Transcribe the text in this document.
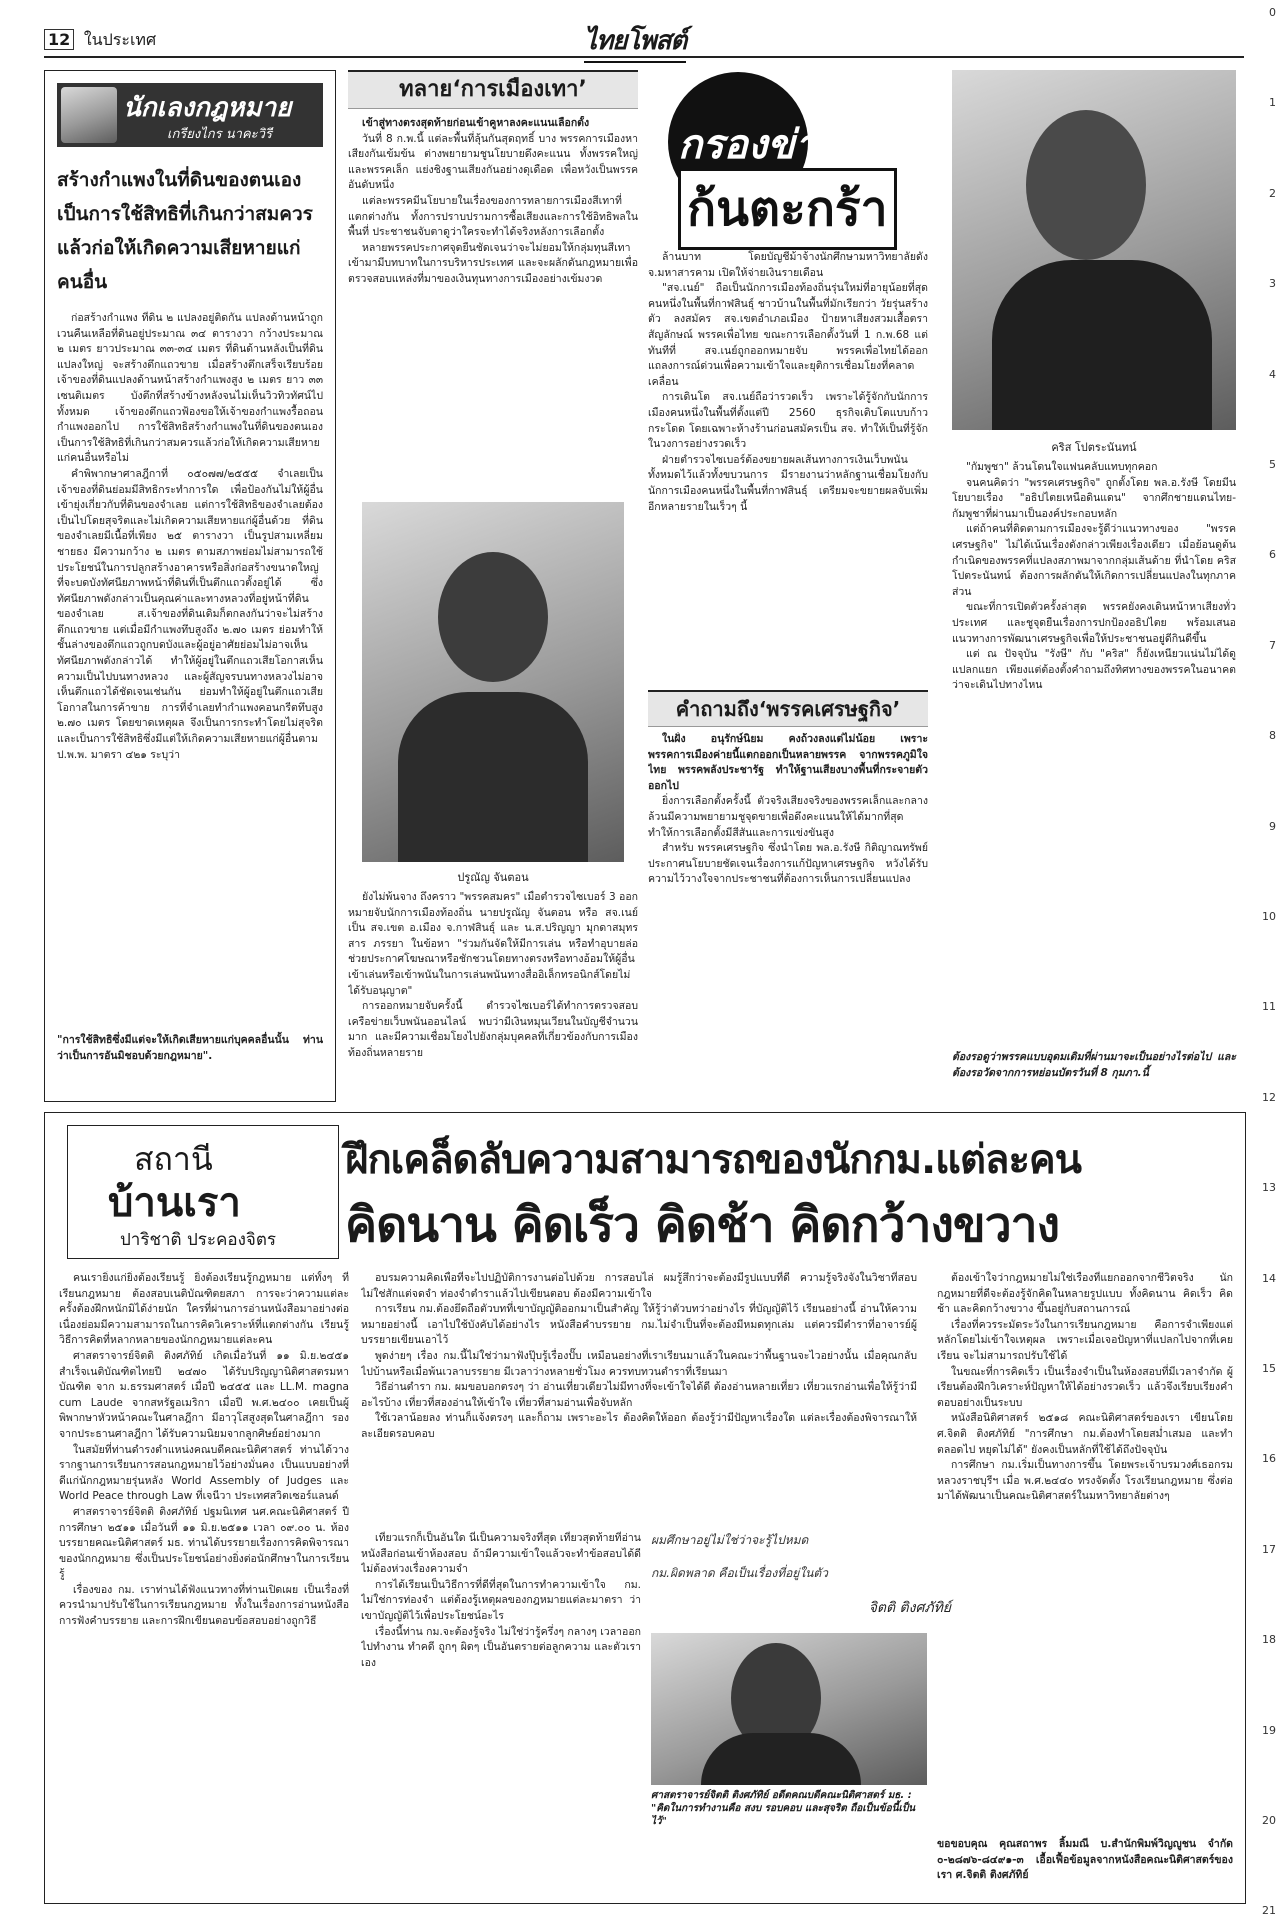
12 ในประเทศ	ไทยโพสต์
0
1
2
3
4
5
6
7
8
9
10
11
12
13
14
15
16
17
18
19
20
21
นักเลงกฎหมาย
เกรียงไกร นาคะวิรี
สร้างกำแพงในที่ดินของตนเองเป็นการใช้สิทธิที่เกินกว่าสมควรแล้วก่อให้เกิดความเสียหายแก่คนอื่น

ก่อสร้างกำแพง ที่ดิน ๒ แปลงอยู่ติดกัน แปลงด้านหน้าถูกเวนคืนเหลือที่ดินอยู่ประมาณ ๓๔ ตารางวา กว้างประมาณ ๒ เมตร ยาวประมาณ ๓๓-๓๔ เมตร ที่ดินด้านหลังเป็นที่ดินแปลงใหญ่ จะสร้างตึกแถวขาย เมื่อสร้างตึกเสร็จเรียบร้อย เจ้าของที่ดินแปลงด้านหน้าสร้างกำแพงสูง ๒ เมตร ยาว ๓๓ เซนติเมตร บังตึกที่สร้างข้างหลังจนไม่เห็นวิวทิวทัศน์ไปทั้งหมด เจ้าของตึกแถวฟ้องขอให้เจ้าของกำแพงรื้อถอนกำแพงออกไป การใช้สิทธิสร้างกำแพงในที่ดินของตนเองเป็นการใช้สิทธิที่เกินกว่าสมควรแล้วก่อให้เกิดความเสียหายแก่คนอื่นหรือไม่

คำพิพากษาศาลฎีกาที่ ๐๕๐๗๗/๒๕๕๕ จำเลยเป็นเจ้าของที่ดินย่อมมีสิทธิกระทำการใด เพื่อป้องกันไม่ให้ผู้อื่นเข้ายุ่งเกี่ยวกับที่ดินของจำเลย แต่การใช้สิทธิของจำเลยต้องเป็นไปโดยสุจริตและไม่เกิดความเสียหายแก่ผู้อื่นด้วย ที่ดินของจำเลยมีเนื้อที่เพียง ๒๕ ตารางวา เป็นรูปสามเหลี่ยมชายธง มีความกว้าง ๒ เมตร ตามสภาพย่อมไม่สามารถใช้ประโยชน์ในการปลูกสร้างอาคารหรือสิ่งก่อสร้างขนาดใหญ่ที่จะบดบังทัศนียภาพหน้าที่ดินที่เป็นตึกแถวตั้งอยู่ได้ ซึ่งทัศนียภาพดังกล่าวเป็นคุณค่าและทางหลวงที่อยู่หน้าที่ดินของจำเลย ส.เจ้าของที่ดินเดิมก็ตกลงกันว่าจะไม่สร้างตึกแถวขาย แต่เมื่อมีกำแพงทึบสูงถึง ๒.๗๐ เมตร ย่อมทำให้ชั้นล่างของตึกแถวถูกบดบังและผู้อยู่อาศัยย่อมไม่อาจเห็นทัศนียภาพดังกล่าวได้ ทำให้ผู้อยู่ในตึกแถวเสียโอกาสเห็นความเป็นไปบนทางหลวง และผู้สัญจรบนทางหลวงไม่อาจเห็นตึกแถวได้ชัดเจนเช่นกัน ย่อมทำให้ผู้อยู่ในตึกแถวเสียโอกาสในการค้าขาย การที่จำเลยทำกำแพงคอนกรีตทึบสูง ๒.๗๐ เมตร โดยขาดเหตุผล จึงเป็นการกระทำโดยไม่สุจริต และเป็นการใช้สิทธิซึ่งมีแต่ให้เกิดความเสียหายแก่ผู้อื่นตาม ป.พ.พ. มาตรา ๔๒๑ ระบุว่า

"การใช้สิทธิซึ่งมีแต่จะให้เกิดเสียหายแก่บุคคลอื่นนั้น ท่านว่าเป็นการอันมิชอบด้วยกฎหมาย".
ทลาย‘การเมืองเทา’

เข้าสู่ทางตรงสุดท้ายก่อนเข้าคูหาลงคะแนนเลือกตั้ง

วันที่ 8 ก.พ.นี้ แต่ละพื้นที่ลุ้นกันสุดฤทธิ์ บาง พรรคการเมืองหาเสียงกันเข้มข้น ต่างพยายามชูนโยบายดึงคะแนน ทั้งพรรคใหญ่และพรรคเล็ก แย่งชิงฐานเสียงกันอย่างดุเดือด เพื่อหวังเป็นพรรคอันดับหนึ่ง

แต่ละพรรคมีนโยบายในเรื่องของการทลายการเมืองสีเทาที่แตกต่างกัน ทั้งการปราบปรามการซื้อเสียงและการใช้อิทธิพลในพื้นที่ ประชาชนจับตาดูว่าใครจะทำได้จริงหลังการเลือกตั้ง

หลายพรรคประกาศจุดยืนชัดเจนว่าจะไม่ยอมให้กลุ่มทุนสีเทาเข้ามามีบทบาทในการบริหารประเทศ และจะผลักดันกฎหมายเพื่อตรวจสอบแหล่งที่มาของเงินทุนทางการเมืองอย่างเข้มงวด

ปรูณัญ จันตอน

ยังไม่พ้นจาง ถึงคราว "พรรคสมคร" เมื่อตำรวจไซเบอร์ 3 ออกหมายจับนักการเมืองท้องถิ่น นายปรูณัญ จันตอน หรือ สจ.เนย์ เป็น สจ.เขต อ.เมือง จ.กาฬสินธุ์ และ น.ส.ปริญญา มุกดาสมุทรสาร ภรรยา ในข้อหา "ร่วมกันจัดให้มีการเล่น หรือทำอุบายล่อ ช่วยประกาศโฆษณาหรือชักชวนโดยทางตรงหรือทางอ้อมให้ผู้อื่นเข้าเล่นหรือเข้าพนันในการเล่นพนันทางสื่ออิเล็กทรอนิกส์โดยไม่ได้รับอนุญาต"

การออกหมายจับครั้งนี้ ตำรวจไซเบอร์ได้ทำการตรวจสอบเครือข่ายเว็บพนันออนไลน์ พบว่ามีเงินหมุนเวียนในบัญชีจำนวนมาก และมีความเชื่อมโยงไปยังกลุ่มบุคคลที่เกี่ยวข้องกับการเมืองท้องถิ่นหลายราย

กรองข่าว
ก้นตะกร้า

ล้านบาท โดยบัญชีม้าจ้างนักศึกษามหาวิทยาลัยดัง จ.มหาสารคาม เปิดให้จ่ายเงินรายเดือน

"สจ.เนย์" ถือเป็นนักการเมืองท้องถิ่นรุ่นใหม่ที่อายุน้อยที่สุดคนหนึ่งในพื้นที่กาฬสินธุ์ ชาวบ้านในพื้นที่มักเรียกว่า วัยรุ่นสร้างตัว ลงสมัคร สจ.เขตอำเภอเมือง ป้ายหาเสียงสวมเสื้อตราสัญลักษณ์ พรรคเพื่อไทย ขณะการเลือกตั้งวันที่ 1 ก.พ.68 แต่ทันทีที่ สจ.เนย์ถูกออกหมายจับ พรรคเพื่อไทยได้ออกแถลงการณ์ด่วนเพื่อความเข้าใจและยุติการเชื่อมโยงที่คลาดเคลื่อน

การเดินโต สจ.เนย์ถือว่ารวดเร็ว เพราะได้รู้จักกับนักการเมืองคนหนึ่งในพื้นที่ตั้งแต่ปี 2560 ธุรกิจเติบโตแบบก้าวกระโดด โดยเฉพาะห้างร้านก่อนสมัครเป็น สจ. ทำให้เป็นที่รู้จักในวงการอย่างรวดเร็ว

ฝ่ายตำรวจไซเบอร์ต้องขยายผลเส้นทางการเงินเว็บพนันทั้งหมดไว้แล้วทั้งขบวนการ มีรายงานว่าหลักฐานเชื่อมโยงกับนักการเมืองคนหนึ่งในพื้นที่กาฬสินธุ์ เตรียมจะขยายผลจับเพิ่มอีกหลายรายในเร็วๆ นี้

คำถามถึง‘พรรคเศรษฐกิจ’

ในฝั่ง อนุรักษ์นิยม คงถ้วงลงแต่ไม่น้อย เพราะพรรคการเมืองค่ายนี้แตกออกเป็นหลายพรรค จากพรรคภูมิใจไทย พรรคพลังประชารัฐ ทำให้ฐานเสียงบางพื้นที่กระจายตัวออกไป

ยิ่งการเลือกตั้งครั้งนี้ ตัวจริงเสียงจริงของพรรคเล็กและกลาง ล้วนมีความพยายามชูจุดขายเพื่อดึงคะแนนให้ได้มากที่สุด ทำให้การเลือกตั้งมีสีสันและการแข่งขันสูง

สำหรับ พรรคเศรษฐกิจ ซึ่งนำโดย พล.อ.รังษี กิติญาณทรัพย์ ประกาศนโยบายชัดเจนเรื่องการแก้ปัญหาเศรษฐกิจ หวังได้รับความไว้วางใจจากประชาชนที่ต้องการเห็นการเปลี่ยนแปลง

คริส โปตระนันทน์

"กัมพูชา" ล้วนโดนใจแฟนคลับแทบทุกคอก

จนคนคิดว่า "พรรคเศรษฐกิจ" ถูกตั้งโดย พล.อ.รังษี โดยมีนโยบายเรื่อง "อธิปไตยเหนือดินแดน" จากศึกชายแดนไทย-กัมพูชาที่ผ่านมาเป็นองค์ประกอบหลัก

แต่ถ้าคนที่ติดตามการเมืองจะรู้ดีว่าแนวทางของ "พรรคเศรษฐกิจ" ไม่ได้เน้นเรื่องดังกล่าวเพียงเรื่องเดียว เมื่อย้อนดูต้นกำเนิดของพรรคที่แปลงสภาพมาจากกลุ่มเส้นด้าย ที่นำโดย คริส โปตระนันทน์ ต้องการผลักดันให้เกิดการเปลี่ยนแปลงในทุกภาคส่วน

ขณะที่การเปิดตัวครั้งล่าสุด พรรคยังคงเดินหน้าหาเสียงทั่วประเทศ และชูจุดยืนเรื่องการปกป้องอธิปไตย พร้อมเสนอแนวทางการพัฒนาเศรษฐกิจเพื่อให้ประชาชนอยู่ดีกินดีขึ้น

แต่ ณ ปัจจุบัน "รังษี" กับ "คริส" ก็ยังเหนียวแน่นไม่ได้ดูแปลกแยก เพียงแต่ต้องตั้งคำถามถึงทิศทางของพรรคในอนาคตว่าจะเดินไปทางไหน

ต้องรอดูว่าพรรคแบบอุดมเดิมที่ผ่านมาจะเป็นอย่างไรต่อไป และต้องรอวัดจากการหย่อนบัตรวันที่ 8 กุมภา.นี้
สถานี
บ้านเรา
ปาริชาติ ประคองจิตร
ฝึกเคล็ดลับความสามารถของนักกม.แต่ละคน
คิดนาน คิดเร็ว คิดช้า คิดกว้างขวาง

คนเรายิ่งแก่ยิ่งต้องเรียนรู้ ยิ่งต้องเรียนรู้กฎหมาย แต่ทั้งๆ ที่เรียนกฎหมาย ต้องสอบเนติบัณฑิตยสภา การจะว่าความแต่ละครั้งต้องฝึกหนักมิได้ง่ายนัก ใครที่ผ่านการอ่านหนังสือมาอย่างต่อเนื่องย่อมมีความสามารถในการคิดวิเคราะห์ที่แตกต่างกัน เรียนรู้วิธีการคิดที่หลากหลายของนักกฎหมายแต่ละคน

ศาสตราจารย์จิตติ ติงศภัทิย์ เกิดเมื่อวันที่ ๑๑ มิ.ย.๒๔๕๑ สำเร็จเนติบัณฑิตไทยปี ๒๔๗๐ ได้รับปริญญานิติศาสตรมหาบัณฑิต จาก ม.ธรรมศาสตร์ เมื่อปี ๒๔๕๕ และ LL.M. magna cum Laude จากสหรัฐอเมริกา เมื่อปี พ.ศ.๒๔๐๐ เคยเป็นผู้พิพากษาหัวหน้าคณะในศาลฎีกา มีอาวุโสสูงสุดในศาลฎีกา รองจากประธานศาลฎีกา ได้รับความนิยมจากลูกศิษย์อย่างมาก

ในสมัยที่ท่านดำรงตำแหน่งคณบดีคณะนิติศาสตร์ ท่านได้วางรากฐานการเรียนการสอนกฎหมายไว้อย่างมั่นคง เป็นแบบอย่างที่ดีแก่นักกฎหมายรุ่นหลัง World Assembly of Judges และ World Peace through Law ที่เจนีวา ประเทศสวิตเซอร์แลนด์

ศาสตราจารย์จิตติ ติงศภัทิย์ ปฐมนิเทศ นศ.คณะนิติศาสตร์ ปีการศึกษา ๒๕๑๑ เมื่อวันที่ ๑๑ มิ.ย.๒๕๑๑ เวลา ๐๙.๐๐ น. ห้องบรรยายคณะนิติศาสตร์ มธ. ท่านได้บรรยายเรื่องการคิดพิจารณาของนักกฎหมาย ซึ่งเป็นประโยชน์อย่างยิ่งต่อนักศึกษาในการเรียนรู้

เรื่องของ กม. เราท่านได้ฟังแนวทางที่ท่านเปิดเผย เป็นเรื่องที่ควรนำมาปรับใช้ในการเรียนกฎหมาย ทั้งในเรื่องการอ่านหนังสือ การฟังคำบรรยาย และการฝึกเขียนตอบข้อสอบอย่างถูกวิธี

อบรมความคิดเพื่อที่จะไปปฏิบัติการงานต่อไปด้วย การสอบไล่ ผมรู้สึกว่าจะต้องมีรูปแบบที่ดี ความรู้จริงจังในวิชาที่สอบ ไม่ใช่สักแต่จดจำ ท่องจำตำราแล้วไปเขียนตอบ ต้องมีความเข้าใจ

การเรียน กม.ต้องยึดถือตัวบทที่เขาบัญญัติออกมาเป็นสำคัญ ให้รู้ว่าตัวบทว่าอย่างไร ที่บัญญัติไว้ เรียนอย่างนี้ อ่านให้ความหมายอย่างนี้ เอาไปใช้บังคับได้อย่างไร หนังสือคำบรรยาย กม.ไม่จำเป็นที่จะต้องมีหมดทุกเล่ม แต่ควรมีตำราที่อาจารย์ผู้บรรยายเขียนเอาไว้

พูดง่ายๆ เรื่อง กม.นี้ไม่ใช่ว่ามาฟังปุ๊บรู้เรื่องปั๊บ เหมือนอย่างที่เราเรียนมาแล้วในคณะว่าพื้นฐานจะไวอย่างนั้น เมื่อคุณกลับไปบ้านหรือเมื่อพ้นเวลาบรรยาย มีเวลาว่างหลายชั่วโมง ควรทบทวนตำราที่เรียนมา

วิธีอ่านตำรา กม. ผมขอบอกตรงๆ ว่า อ่านเที่ยวเดียวไม่มีทางที่จะเข้าใจได้ดี ต้องอ่านหลายเที่ยว เที่ยวแรกอ่านเพื่อให้รู้ว่ามีอะไรบ้าง เที่ยวที่สองอ่านให้เข้าใจ เที่ยวที่สามอ่านเพื่อจับหลัก

ใช้เวลาน้อยลง ท่านก็แจ้งตรงๆ และก็ถาม เพราะอะไร ต้องคิดให้ออก ต้องรู้ว่ามีปัญหาเรื่องใด แต่ละเรื่องต้องพิจารณาให้ละเอียดรอบคอบ

ผมศึกษาอยู่ไม่ใช่ว่าจะรู้ไปหมด
กม.ผิดพลาด คือเป็นเรื่องที่อยู่ในตัว
จิตติ ติงศภัทิย์
ศาสตราจารย์จิตติ ติงศภัทิย์ อดีตคณบดีคณะนิติศาสตร์ มธ. : "คิดในการทำงานคือ สงบ รอบคอบ และสุจริต ถือเป็นข้อนี้เป็นไว้"

เที่ยวแรกก็เป็นอันใด นี่เป็นความจริงที่สุด เที่ยวสุดท้ายที่อ่านหนังสือก่อนเข้าห้องสอบ ถ้ามีความเข้าใจแล้วจะทำข้อสอบได้ดี ไม่ต้องห่วงเรื่องความจำ

การได้เรียนเป็นวิธีการที่ดีที่สุดในการทำความเข้าใจ กม. ไม่ใช่การท่องจำ แต่ต้องรู้เหตุผลของกฎหมายแต่ละมาตรา ว่าเขาบัญญัติไว้เพื่อประโยชน์อะไร

เรื่องนี้ท่าน กม.จะต้องรู้จริง ไม่ใช่ว่ารู้ครึ่งๆ กลางๆ เวลาออกไปทำงาน ทำคดี ถูกๆ ผิดๆ เป็นอันตรายต่อลูกความ และตัวเราเอง

ต้องเข้าใจว่ากฎหมายไม่ใช่เรื่องที่แยกออกจากชีวิตจริง นักกฎหมายที่ดีจะต้องรู้จักคิดในหลายรูปแบบ ทั้งคิดนาน คิดเร็ว คิดช้า และคิดกว้างขวาง ขึ้นอยู่กับสถานการณ์

เรื่องที่ควรระมัดระวังในการเรียนกฎหมาย คือการจำเพียงแต่หลักโดยไม่เข้าใจเหตุผล เพราะเมื่อเจอปัญหาที่แปลกไปจากที่เคยเรียน จะไม่สามารถปรับใช้ได้

ในขณะที่การคิดเร็ว เป็นเรื่องจำเป็นในห้องสอบที่มีเวลาจำกัด ผู้เรียนต้องฝึกวิเคราะห์ปัญหาให้ได้อย่างรวดเร็ว แล้วจึงเรียบเรียงคำตอบอย่างเป็นระบบ

หนังสือนิติศาสตร์ ๒๕๑๘ คณะนิติศาสตร์ของเรา เขียนโดย ศ.จิตติ ติงศภัทิย์ "การศึกษา กม.ต้องทำโดยสม่ำเสมอ และทำตลอดไป หยุดไม่ได้" ยังคงเป็นหลักที่ใช้ได้ถึงปัจจุบัน

การศึกษา กม.เริ่มเป็นทางการขึ้น โดยพระเจ้าบรมวงศ์เธอกรมหลวงราชบุรีฯ เมื่อ พ.ศ.๒๔๔๐ ทรงจัดตั้ง โรงเรียนกฎหมาย ซึ่งต่อมาได้พัฒนาเป็นคณะนิติศาสตร์ในมหาวิทยาลัยต่างๆ

ขอขอบคุณ คุณสถาพร ลิ้มมณี บ.สำนักพิมพ์วิญญูชน จำกัด ๐-๒๘๗๖-๘๔๙๑-๓ เอื้อเฟื้อข้อมูลจากหนังสือคณะนิติศาสตร์ของเรา ศ.จิตติ ติงศภัทิย์
